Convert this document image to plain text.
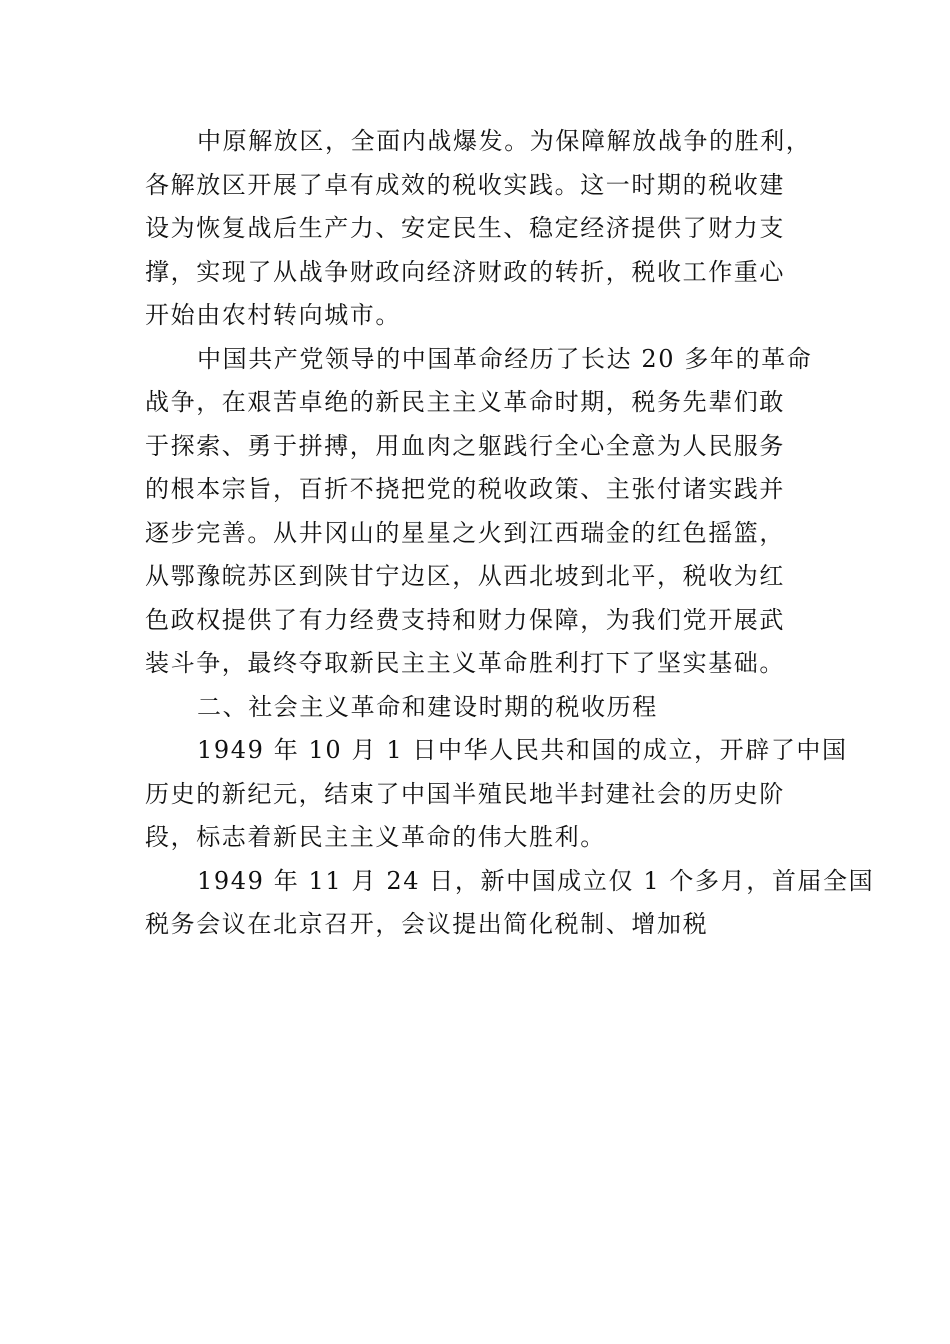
中原解放区，全面内战爆发。为保障解放战争的胜利，
各解放区开展了卓有成效的税收实践。这一时期的税收建
设为恢复战后生产力、安定民生、稳定经济提供了财力支
撑，实现了从战争财政向经济财政的转折，税收工作重心
开始由农村转向城市。
中国共产党领导的中国革命经历了长达 20 多年的革命
战争，在艰苦卓绝的新民主主义革命时期，税务先辈们敢
于探索、勇于拼搏，用血肉之躯践行全心全意为人民服务
的根本宗旨，百折不挠把党的税收政策、主张付诸实践并
逐步完善。从井冈山的星星之火到江西瑞金的红色摇篮，
从鄂豫皖苏区到陕甘宁边区，从西北坡到北平，税收为红
色政权提供了有力经费支持和财力保障，为我们党开展武
装斗争，最终夺取新民主主义革命胜利打下了坚实基础。
二、社会主义革命和建设时期的税收历程
1949 年 10 月 1 日中华人民共和国的成立，开辟了中国
历史的新纪元，结束了中国半殖民地半封建社会的历史阶
段，标志着新民主主义革命的伟大胜利。
1949 年 11 月 24 日，新中国成立仅 1 个多月，首届全国
税务会议在北京召开，会议提出简化税制、增加税
